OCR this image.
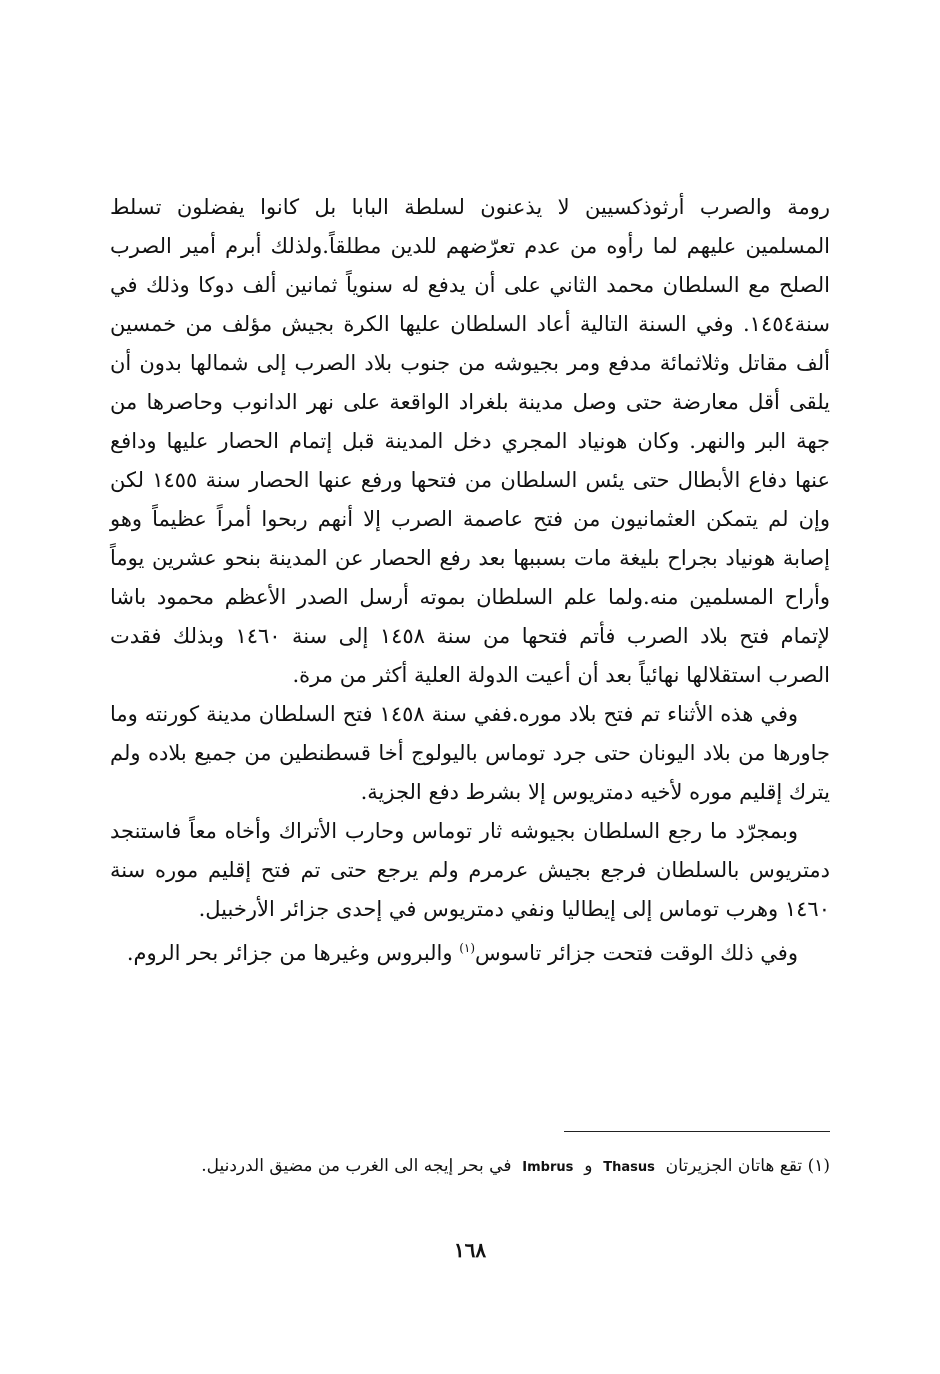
رومة والصرب أرثوذكسيين لا يذعنون لسلطة البابا بل كانوا يفضلون تسلط المسلمين عليهم لما رأوه من عدم تعرّضهم للدين مطلقاً.ولذلك أبرم أمير الصرب الصلح مع السلطان محمد الثاني على أن يدفع له سنوياً ثمانين ألف دوكا وذلك في سنة١٤٥٤. وفي السنة التالية أعاد السلطان عليها الكرة بجيش مؤلف من خمسين ألف مقاتل وثلاثمائة مدفع ومر بجيوشه من جنوب بلاد الصرب إلى شمالها بدون أن يلقى أقل معارضة حتى وصل مدينة بلغراد الواقعة على نهر الدانوب وحاصرها من جهة البر والنهر. وكان هونياد المجري دخل المدينة قبل إتمام الحصار عليها ودافع عنها دفاع الأبطال حتى يئس السلطان من فتحها ورفع عنها الحصار سنة ١٤٥٥ لكن وإن لم يتمكن العثمانيون من فتح عاصمة الصرب إلا أنهم ربحوا أمراً عظيماً وهو إصابة هونياد بجراح بليغة مات بسببها بعد رفع الحصار عن المدينة بنحو عشرين يوماً وأراح المسلمين منه.ولما علم السلطان بموته أرسل الصدر الأعظم محمود باشا لإتمام فتح بلاد الصرب فأتم فتحها من سنة ١٤٥٨ إلى سنة ١٤٦٠ وبذلك فقدت الصرب استقلالها نهائياً بعد أن أعيت الدولة العلية أكثر من مرة.

وفي هذه الأثناء تم فتح بلاد موره.ففي سنة ١٤٥٨ فتح السلطان مدينة كورنته وما جاورها من بلاد اليونان حتى جرد توماس باليولوج أخا قسطنطين من جميع بلاده ولم يترك إقليم موره لأخيه دمتريوس إلا بشرط دفع الجزية.

وبمجرّد ما رجع السلطان بجيوشه ثار توماس وحارب الأتراك وأخاه معاً فاستنجد دمتريوس بالسلطان فرجع بجيش عرمرم ولم يرجع حتى تم فتح إقليم موره سنة ١٤٦٠ وهرب توماس إلى إيطاليا ونفي دمتريوس في إحدى جزائر الأرخبيل.

وفي ذلك الوقت فتحت جزائر تاسوس$^{(١)}$ والبروس وغيرها من جزائر بحر الروم.

(١) تقع هاتان الجزيرتان  Thasus  و  Imbrus  في بحر إيجه الى الغرب من مضيق الدردنيل.

١٦٨
